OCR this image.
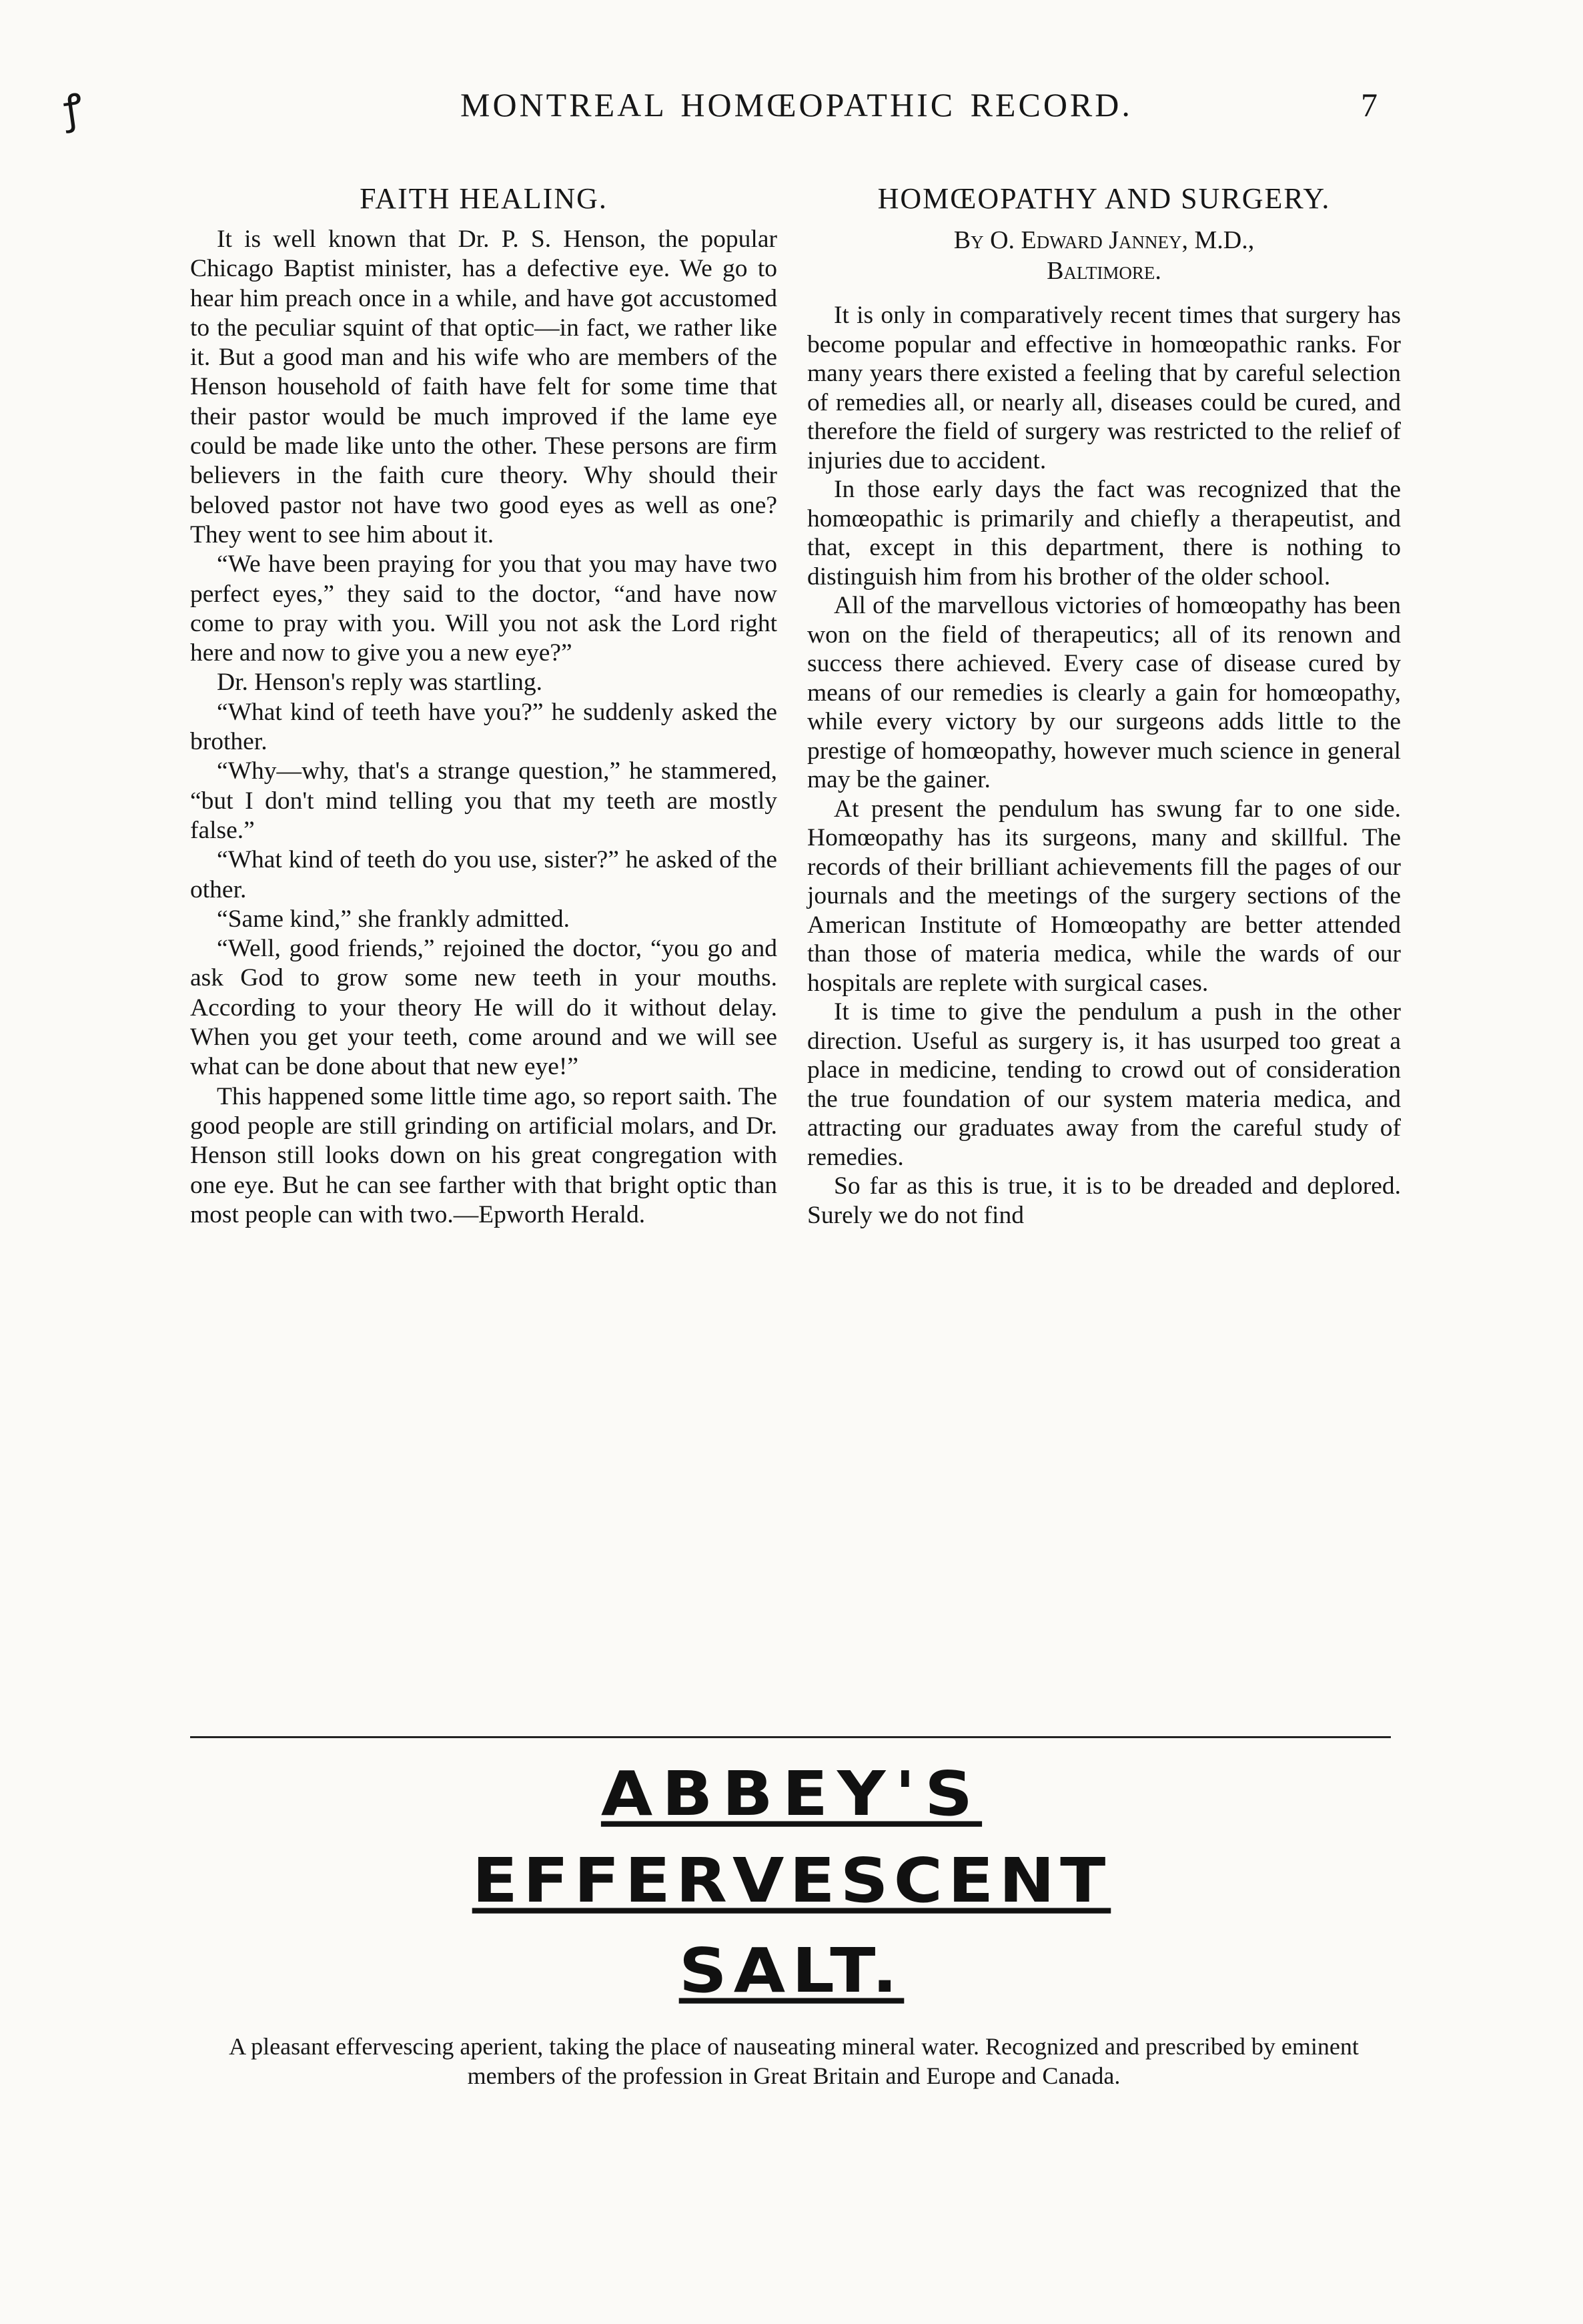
MONTREAL HOMŒOPATHIC RECORD.	7
ꝭ
FAITH HEALING.

It is well known that Dr. P. S. Henson, the popular Chicago Baptist minister, has a defective eye. We go to hear him preach once in a while, and have got accustomed to the peculiar squint of that optic—in fact, we rather like it. But a good man and his wife who are members of the Henson household of faith have felt for some time that their pastor would be much improved if the lame eye could be made like unto the other. These persons are firm believers in the faith cure theory. Why should their beloved pastor not have two good eyes as well as one? They went to see him about it.

“We have been praying for you that you may have two perfect eyes,” they said to the doctor, “and have now come to pray with you. Will you not ask the Lord right here and now to give you a new eye?”

Dr. Henson's reply was startling.

“What kind of teeth have you?” he suddenly asked the brother.

“Why—why, that's a strange question,” he stammered, “but I don't mind telling you that my teeth are mostly false.”

“What kind of teeth do you use, sister?” he asked of the other.

“Same kind,” she frankly admitted.

“Well, good friends,” rejoined the doctor, “you go and ask God to grow some new teeth in your mouths. According to your theory He will do it without delay. When you get your teeth, come around and we will see what can be done about that new eye!”

This happened some little time ago, so report saith. The good people are still grinding on artificial molars, and Dr. Henson still looks down on his great congregation with one eye. But he can see farther with that bright optic than most people can with two.—Epworth Herald.

HOMŒOPATHY AND SURGERY.

By O. Edward Janney, M.D.,
Baltimore.

It is only in comparatively recent times that surgery has become popular and effective in homœopathic ranks. For many years there existed a feeling that by careful selection of remedies all, or nearly all, diseases could be cured, and therefore the field of surgery was restricted to the relief of injuries due to accident.

In those early days the fact was recognized that the homœopathic is primarily and chiefly a therapeutist, and that, except in this department, there is nothing to distinguish him from his brother of the older school.

All of the marvellous victories of homœopathy has been won on the field of therapeutics; all of its renown and success there achieved. Every case of disease cured by means of our remedies is clearly a gain for homœopathy, while every victory by our surgeons adds little to the prestige of homœopathy, however much science in general may be the gainer.

At present the pendulum has swung far to one side. Homœopathy has its surgeons, many and skillful. The records of their brilliant achievements fill the pages of our journals and the meetings of the surgery sections of the American Institute of Homœopathy are better attended than those of materia medica, while the wards of our hospitals are replete with surgical cases.

It is time to give the pendulum a push in the other direction. Useful as surgery is, it has usurped too great a place in medicine, tending to crowd out of consideration the true foundation of our system materia medica, and attracting our graduates away from the careful study of remedies.

So far as this is true, it is to be dreaded and deplored. Surely we do not find

ABBEY'S

EFFERVESCENT

SALT.

A pleasant effervescing aperient, taking the place of nauseating mineral water. Recognized and prescribed by eminent members of the profession in Great Britain and Europe and Canada.
